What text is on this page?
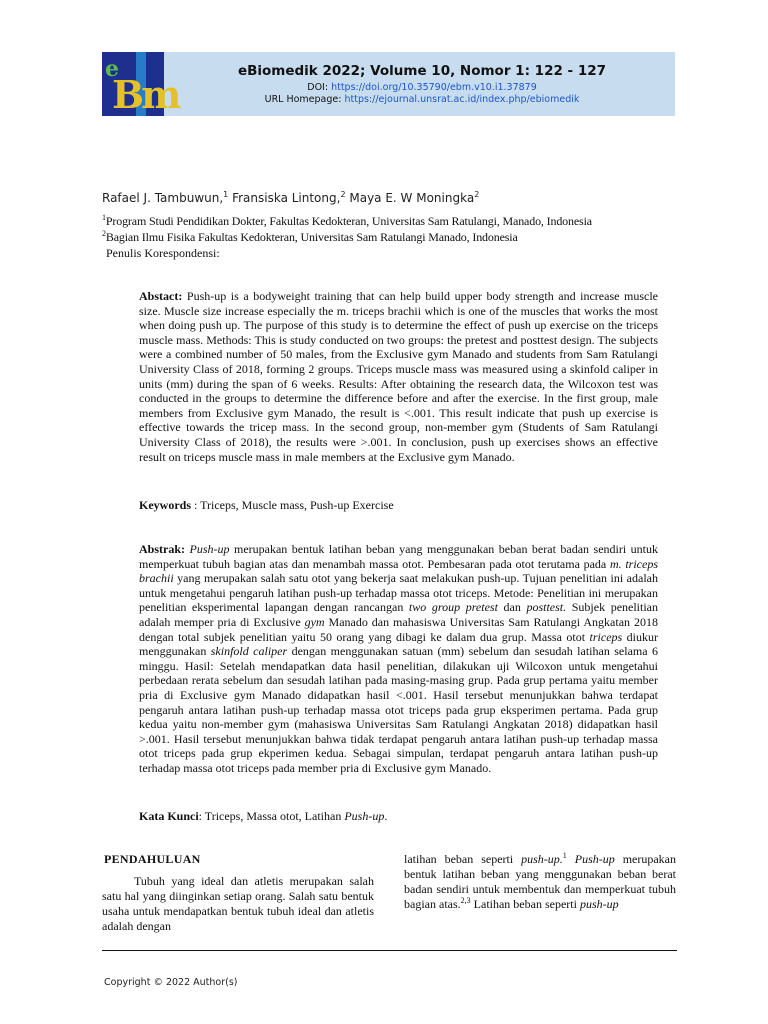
e
Bm
eBiomedik 2022; Volume 10, Nomor 1: 122 - 127
DOI: https://doi.org/10.35790/ebm.v10.i1.37879
URL Homepage: https://ejournal.unsrat.ac.id/index.php/ebiomedik
Rafael J. Tambuwun,$^1$ Fransiska Lintong,$^2$ Maya E. W Moningka$^2$
$^1$Program Studi Pendidikan Dokter, Fakultas Kedokteran, Universitas Sam Ratulangi, Manado, Indonesia
$^2$Bagian Ilmu Fisika Fakultas Kedokteran, Universitas Sam Ratulangi Manado, Indonesia
Penulis Korespondensi:
Abstact: Push-up is a bodyweight training that can help build upper body strength and increase muscle size. Muscle size increase especially the m. triceps brachii which is one of the muscles that works the most when doing push up. The purpose of this study is to determine the effect of push up exercise on the triceps muscle mass. Methods: This is study conducted on two groups: the pretest and posttest design. The subjects were a combined number of 50 males, from the Exclusive gym Manado and students from Sam Ratulangi University Class of 2018, forming 2 groups. Triceps muscle mass was measured using a skinfold caliper in units (mm) during the span of 6 weeks. Results: After obtaining the research data, the Wilcoxon test was conducted in the groups to determine the difference before and after the exercise. In the first group, male members from Exclusive gym Manado, the result is <.001. This result indicate that push up exercise is effective towards the tricep mass. In the second group, non-member gym (Students of Sam Ratulangi University Class of 2018), the results were >.001. In conclusion, push up exercises shows an effective result on triceps muscle mass in male members at the Exclusive gym Manado.
Keywords : Triceps, Muscle mass, Push-up Exercise
Abstrak: Push-up merupakan bentuk latihan beban yang menggunakan beban berat badan sendiri untuk memperkuat tubuh bagian atas dan menambah massa otot. Pembesaran pada otot terutama pada m. triceps brachii yang merupakan salah satu otot yang bekerja saat melakukan push-up. Tujuan penelitian ini adalah untuk mengetahui pengaruh latihan push-up terhadap massa otot triceps. Metode: Penelitian ini merupakan penelitian eksperimental lapangan dengan rancangan two group pretest dan posttest. Subjek penelitian adalah memper pria di Exclusive gym Manado dan mahasiswa Universitas Sam Ratulangi Angkatan 2018 dengan total subjek penelitian yaitu 50 orang yang dibagi ke dalam dua grup. Massa otot triceps diukur menggunakan skinfold caliper dengan menggunakan satuan (mm) sebelum dan sesudah latihan selama 6 minggu. Hasil: Setelah mendapatkan data hasil penelitian, dilakukan uji Wilcoxon untuk mengetahui perbedaan rerata sebelum dan sesudah latihan pada masing-masing grup. Pada grup pertama yaitu member pria di Exclusive gym Manado didapatkan hasil <.001. Hasil tersebut menunjukkan bahwa terdapat pengaruh antara latihan push-up terhadap massa otot triceps pada grup eksperimen pertama. Pada grup kedua yaitu non-member gym (mahasiswa Universitas Sam Ratulangi Angkatan 2018) didapatkan hasil >.001. Hasil tersebut menunjukkan bahwa tidak terdapat pengaruh antara latihan push-up terhadap massa otot triceps pada grup ekperimen kedua. Sebagai simpulan, terdapat pengaruh antara latihan push-up terhadap massa otot triceps pada member pria di Exclusive gym Manado.
Kata Kunci: Triceps, Massa otot, Latihan Push-up.
PENDAHULUAN
Tubuh yang ideal dan atletis merupakan salah satu hal yang diinginkan setiap orang. Salah satu bentuk usaha untuk mendapatkan bentuk tubuh ideal dan atletis adalah dengan
latihan beban seperti push-up.$^1$ Push-up merupakan bentuk latihan beban yang menggunakan beban berat badan sendiri untuk membentuk dan memperkuat tubuh bagian atas.$^{2,3}$ Latihan beban seperti push-up
Copyright © 2022 Author(s)
